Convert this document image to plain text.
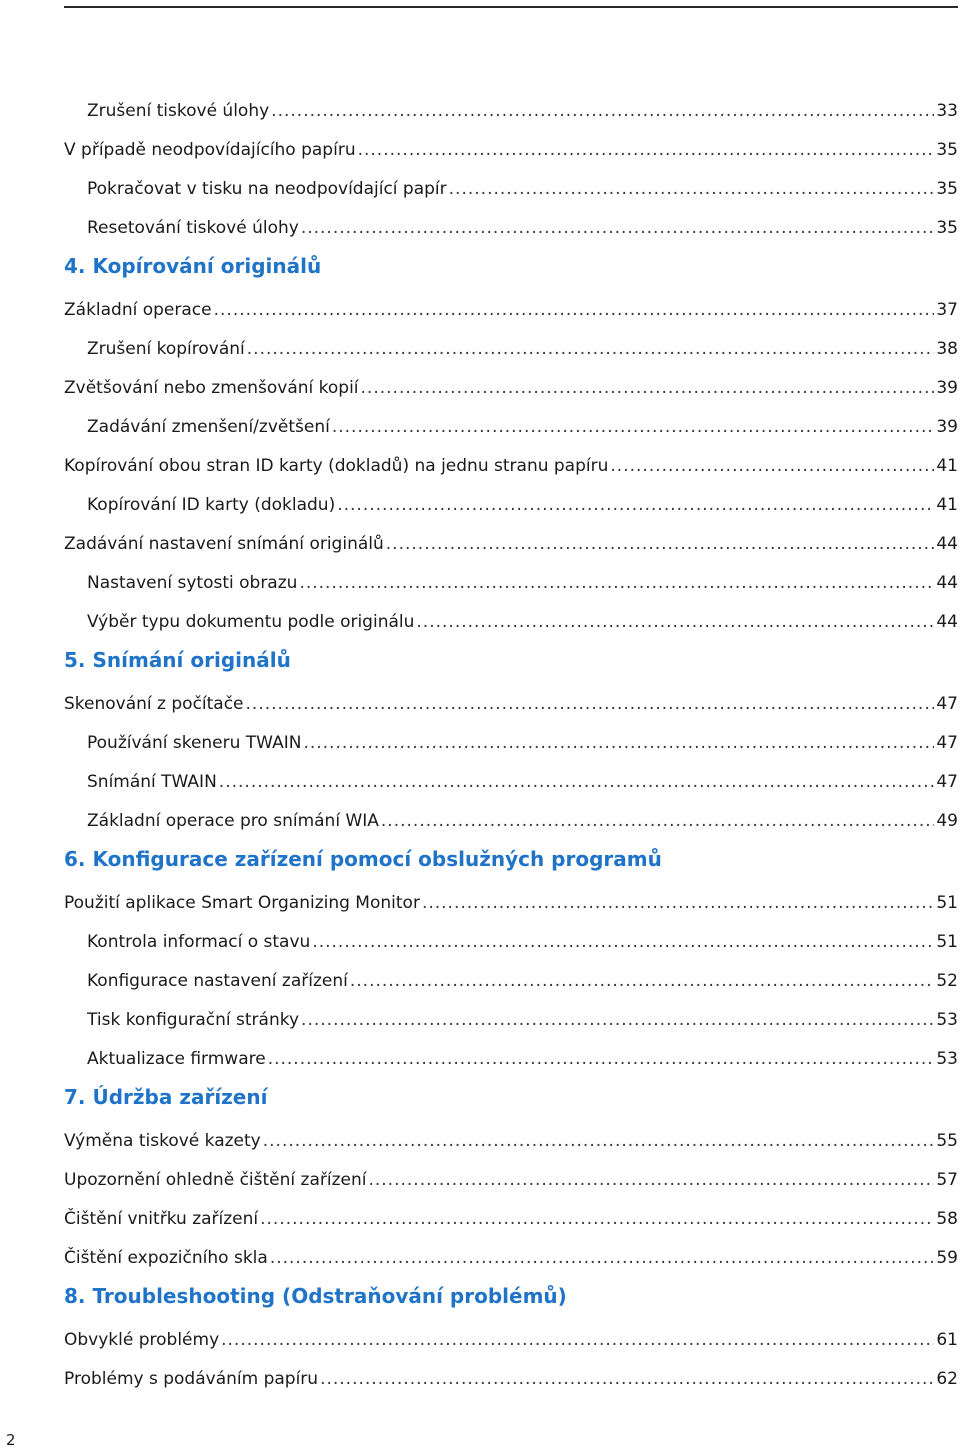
Zrušení tiskové úlohy .....	33
V případě neodpovídajícího papíru .....	35
Pokračovat v tisku na neodpovídající papír .....	35
Resetování tiskové úlohy .....	35
4. Kopírování originálů
Základní operace .....	37
Zrušení kopírování .....	38
Zvětšování nebo zmenšování kopií .....	39
Zadávání zmenšení/zvětšení .....	39
Kopírování obou stran ID karty (dokladů) na jednu stranu papíru .....	41
Kopírování ID karty (dokladu) .....	41
Zadávání nastavení snímání originálů .....	44
Nastavení sytosti obrazu .....	44
Výběr typu dokumentu podle originálu .....	44
5. Snímání originálů
Skenování z počítače .....	47
Používání skeneru TWAIN .....	47
Snímání TWAIN .....	47
Základní operace pro snímání WIA .....	49
6. Konfigurace zařízení pomocí obslužných programů
Použití aplikace Smart Organizing Monitor .....	51
Kontrola informací o stavu .....	51
Konfigurace nastavení zařízení .....	52
Tisk konfigurační stránky .....	53
Aktualizace firmware .....	53
7. Údržba zařízení
Výměna tiskové kazety .....	55
Upozornění ohledně čištění zařízení .....	57
Čištění vnitřku zařízení .....	58
Čištění expozičního skla .....	59
8. Troubleshooting (Odstraňování problémů)
Obvyklé problémy .....	61
Problémy s podáváním papíru .....	62
2
